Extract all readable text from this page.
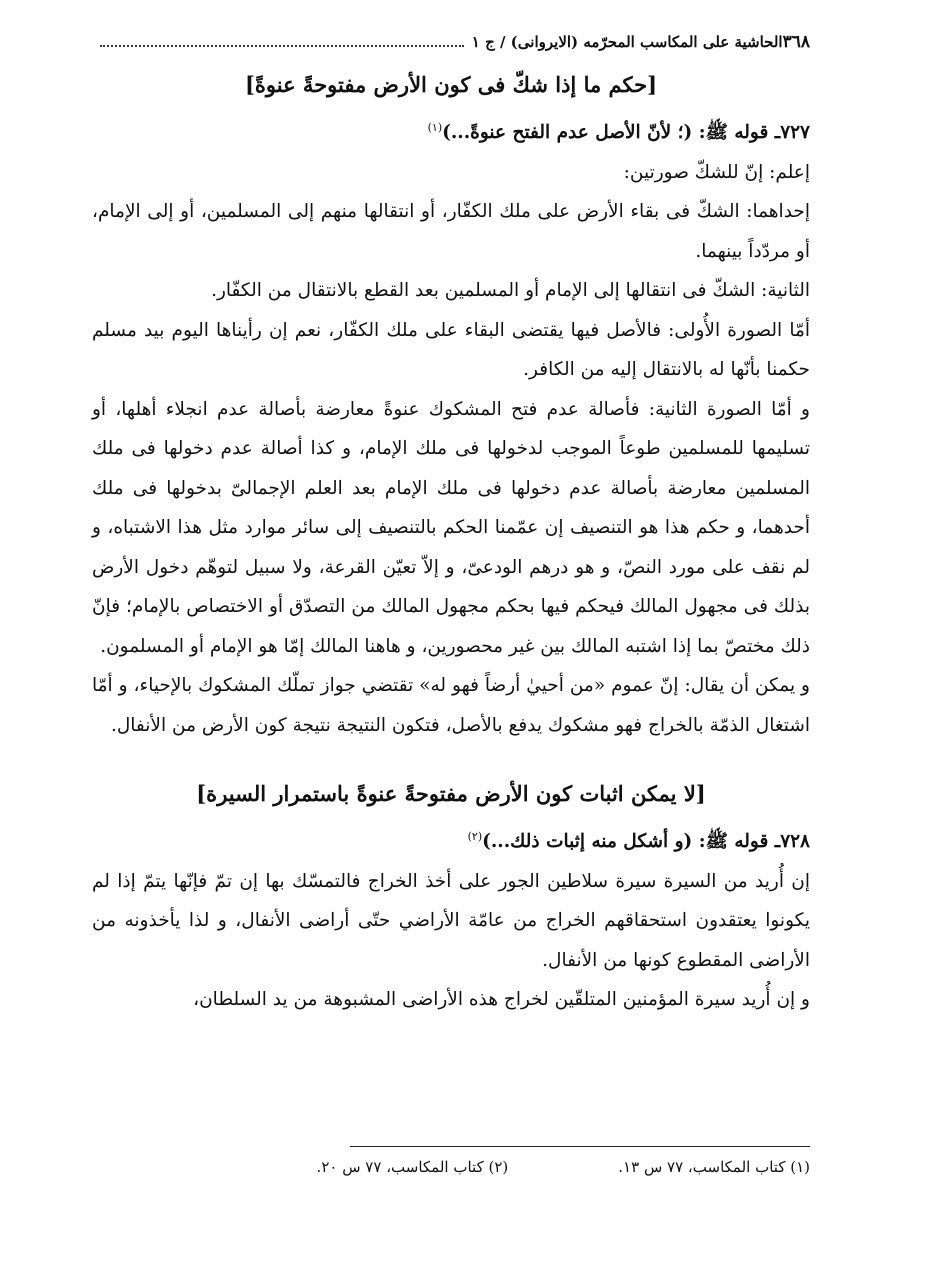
٣٦٨
الحاشية على المكاسب المحرّمه (الايروانى) / ج ١
[حكم ما إذا شكّ فى كون الأرض مفتوحةً عنوةً]

٧٢٧ـ قوله ﷺ: (؛ لأنّ الأصل عدم الفتح عنوةً...)$^{(١)}$

إعلم: إنّ للشكّ صورتين:

إحداهما: الشكّ فى بقاء الأرض على ملك الكفّار، أو انتقالها منهم إلى المسلمين، أو إلى الإمام، أو مردّداً بينهما.

الثانية: الشكّ فى انتقالها إلى الإمام أو المسلمين بعد القطع بالانتقال من الكفّار.

أمّا الصورة الأُولى: فالأصل فيها يقتضى البقاء على ملك الكفّار، نعم إن رأيناها اليوم بيد مسلم حكمنا بأنّها له بالانتقال إليه من الكافر.

و أمّا الصورة الثانية: فأصالة عدم فتح المشكوك عنوةً معارضة بأصالة عدم انجلاء أهلها، أو تسليمها للمسلمين طوعاً الموجب لدخولها فى ملك الإمام، و كذا أصالة عدم دخولها فى ملك المسلمين معارضة بأصالة عدم دخولها فى ملك الإمام بعد العلم الإجمالىّ بدخولها فى ملك أحدهما، و حكم هذا هو التنصيف إن عمّمنا الحكم بالتنصيف إلى سائر موارد مثل هذا الاشتباه، و لم نقف على مورد النصّ، و هو درهم الودعىّ، و إلاّ تعيّن القرعة، ولا سبيل لتوهّم دخول الأرض بذلك فى مجهول المالك فيحكم فيها بحكم مجهول المالك من التصدّق أو الاختصاص بالإمام؛ فإنّ ذلك مختصّ بما إذا اشتبه المالك بين غير محصورين، و هاهنا المالك إمّا هو الإمام أو المسلمون.

و يمكن أن يقال: إنّ عموم «من أحييٰ أرضاً فهو له» تقتضي جواز تملّك المشكوك بالإحياء، و أمّا اشتغال الذمّة بالخراج فهو مشكوك يدفع بالأصل، فتكون النتيجة نتيجة كون الأرض من الأنفال.

[لا يمكن اثبات كون الأرض مفتوحةً عنوةً باستمرار السيرة]

٧٢٨ـ قوله ﷺ: (و أشكل منه إثبات ذلك...)$^{(٢)}$

إن أُريد من السيرة سيرة سلاطين الجور على أخذ الخراج فالتمسّك بها إن تمّ فإنّها يتمّ إذا لم يكونوا يعتقدون استحقاقهم الخراج من عامّة الأراضي حتّى أراضى الأنفال، و لذا يأخذونه من الأراضى المقطوع كونها من الأنفال.

و إن أُريد سيرة المؤمنين المتلقّين لخراج هذه الأراضى المشبوهة من يد السلطان،

(١) كتاب المكاسب، ٧٧ س ١٣.
(٢) كتاب المكاسب، ٧٧ س ٢٠.
